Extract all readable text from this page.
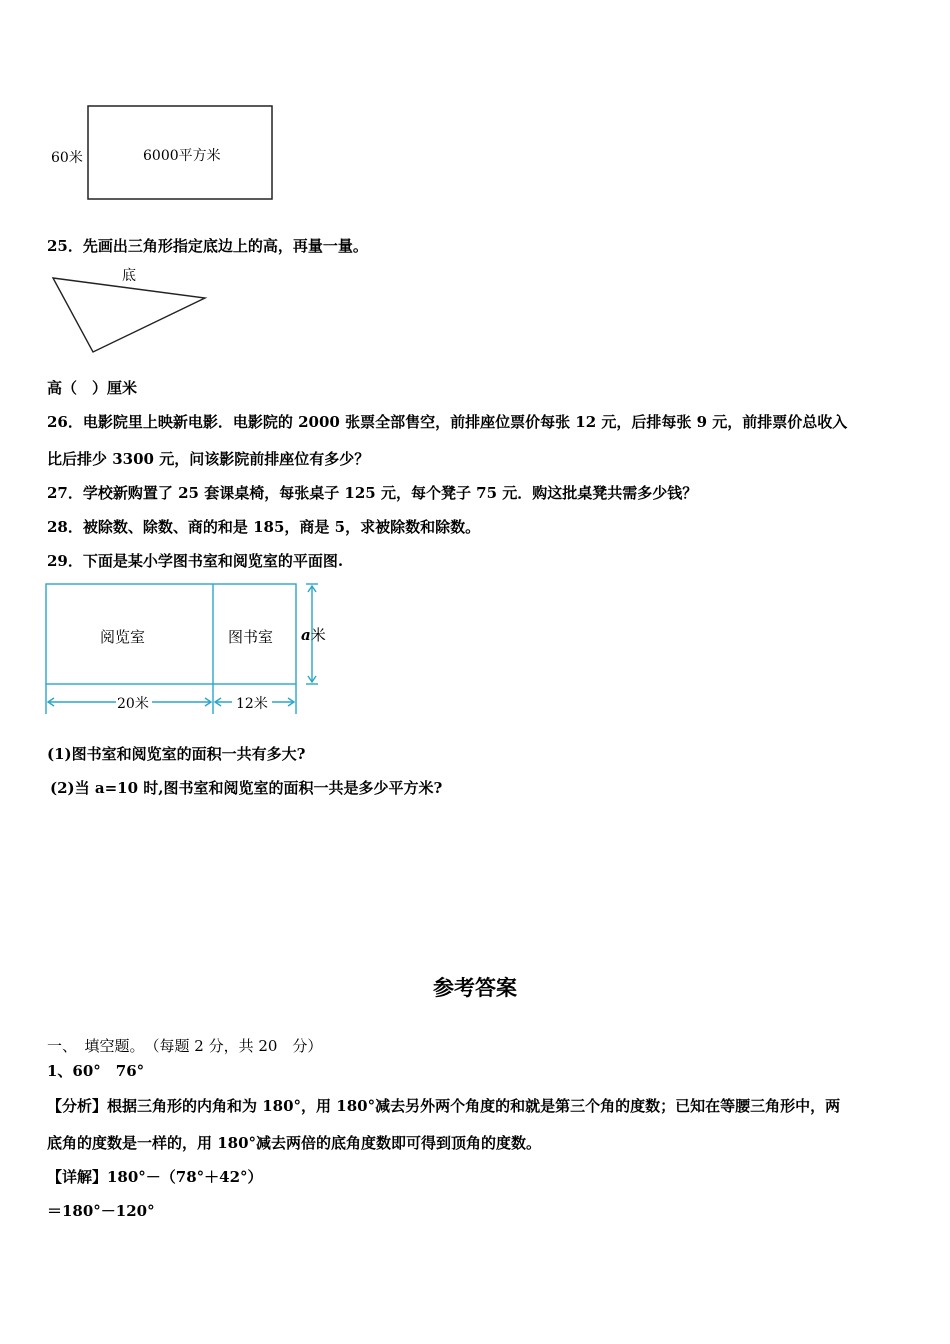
60米	6000平方米
25．先画出三角形指定底边上的高，再量一量。
底
高（　）厘米
26．电影院里上映新电影．电影院的 2000 张票全部售空，前排座位票价每张 12 元，后排每张 9 元，前排票价总收入
比后排少 3300 元，问该影院前排座位有多少？
27．学校新购置了 25 套课桌椅，每张桌子 125 元，每个凳子 75 元．购这批桌凳共需多少钱？
28．被除数、除数、商的和是 185，商是 5，求被除数和除数。
29．下面是某小学图书室和阅览室的平面图.
阅览室	图书室 a米
20米	12米
(1)图书室和阅览室的面积一共有多大?
(2)当 a=10 时,图书室和阅览室的面积一共是多少平方米?
参考答案
一、　填空题。　（每题 2 分，共 20　分）
1、60°　76°
【分析】根据三角形的内角和为 180°，用 180°减去另外两个角度的和就是第三个角的度数；已知在等腰三角形中，两
底角的度数是一样的，用 180°减去两倍的底角度数即可得到顶角的度数。
【详解】180°－（78°＋42°）
＝180°－120°
